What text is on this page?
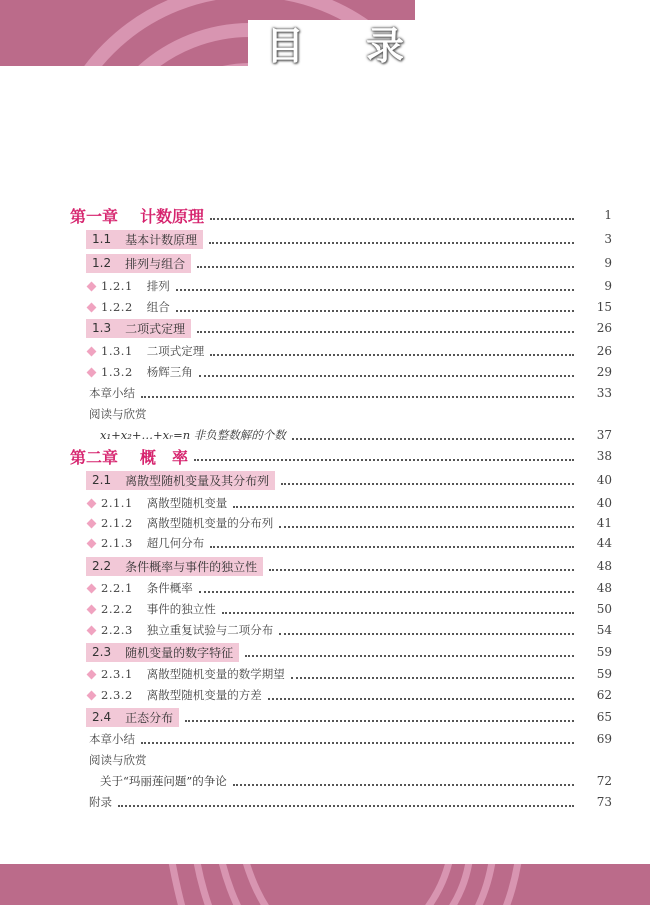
目 录
第一章 计数原理	1
1.1 基本计数原理	3
1.2 排列与组合	9
1.2.1 排列	9
1.2.2 组合	15
1.3 二项式定理	26
1.3.1 二项式定理	26
1.3.2 杨辉三角	29
本章小结	33
阅读与欣赏
x₁+x₂+…+xᵣ=n 非负整数解的个数	37
第二章 概　率	38
2.1 离散型随机变量及其分布列	40
2.1.1 离散型随机变量	40
2.1.2 离散型随机变量的分布列	41
2.1.3 超几何分布	44
2.2 条件概率与事件的独立性	48
2.2.1 条件概率	48
2.2.2 事件的独立性	50
2.2.3 独立重复试验与二项分布	54
2.3 随机变量的数字特征	59
2.3.1 离散型随机变量的数学期望	59
2.3.2 离散型随机变量的方差	62
2.4 正态分布	65
本章小结	69
阅读与欣赏
关于“玛丽莲问题”的争论	72
附录	73
